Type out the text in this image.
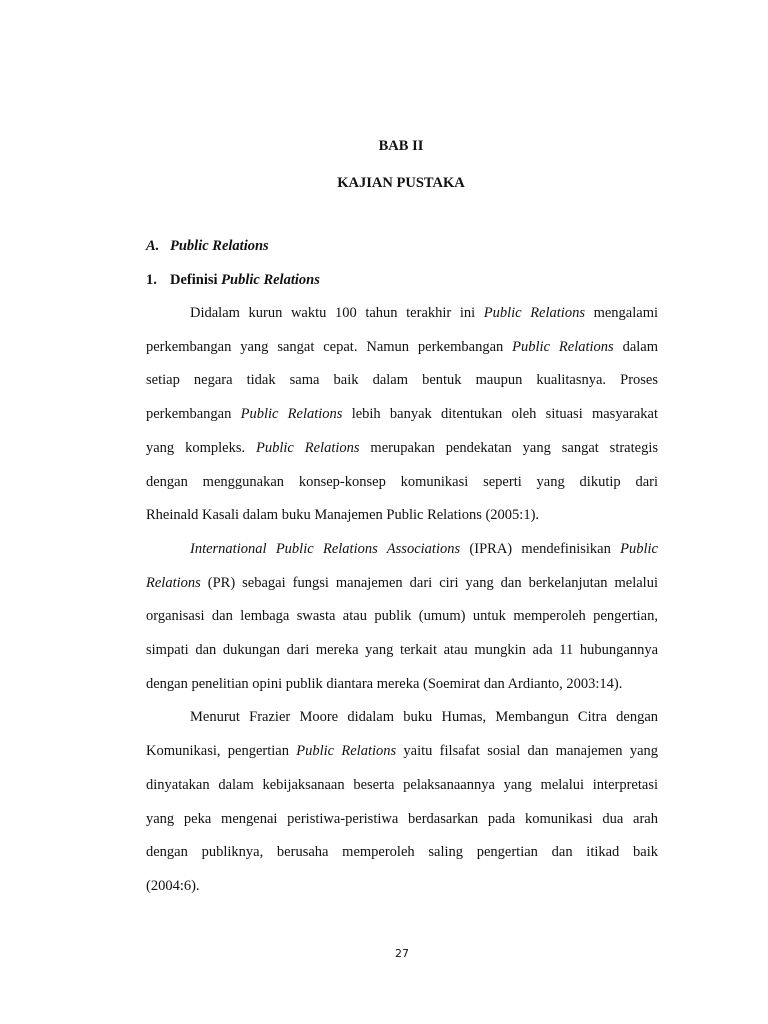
BAB II
KAJIAN PUSTAKA
A. Public Relations
1. Definisi Public Relations
Didalam kurun waktu 100 tahun terakhir ini Public Relations mengalami
perkembangan yang sangat cepat. Namun perkembangan Public Relations dalam
setiap negara tidak sama baik dalam bentuk maupun kualitasnya. Proses
perkembangan Public Relations lebih banyak ditentukan oleh situasi masyarakat
yang kompleks. Public Relations merupakan pendekatan yang sangat strategis
dengan menggunakan konsep-konsep komunikasi seperti yang dikutip dari
Rheinald Kasali dalam buku Manajemen Public Relations (2005:1).
International Public Relations Associations (IPRA) mendefinisikan Public
Relations (PR) sebagai fungsi manajemen dari ciri yang dan berkelanjutan melalui
organisasi dan lembaga swasta atau publik (umum) untuk memperoleh pengertian,
simpati dan dukungan dari mereka yang terkait atau mungkin ada 11 hubungannya
dengan penelitian opini publik diantara mereka (Soemirat dan Ardianto, 2003:14).
Menurut Frazier Moore didalam buku Humas, Membangun Citra dengan
Komunikasi, pengertian Public Relations yaitu filsafat sosial dan manajemen yang
dinyatakan dalam kebijaksanaan beserta pelaksanaannya yang melalui interpretasi
yang peka mengenai peristiwa-peristiwa berdasarkan pada komunikasi dua arah
dengan publiknya, berusaha memperoleh saling pengertian dan itikad baik
(2004:6).
27
